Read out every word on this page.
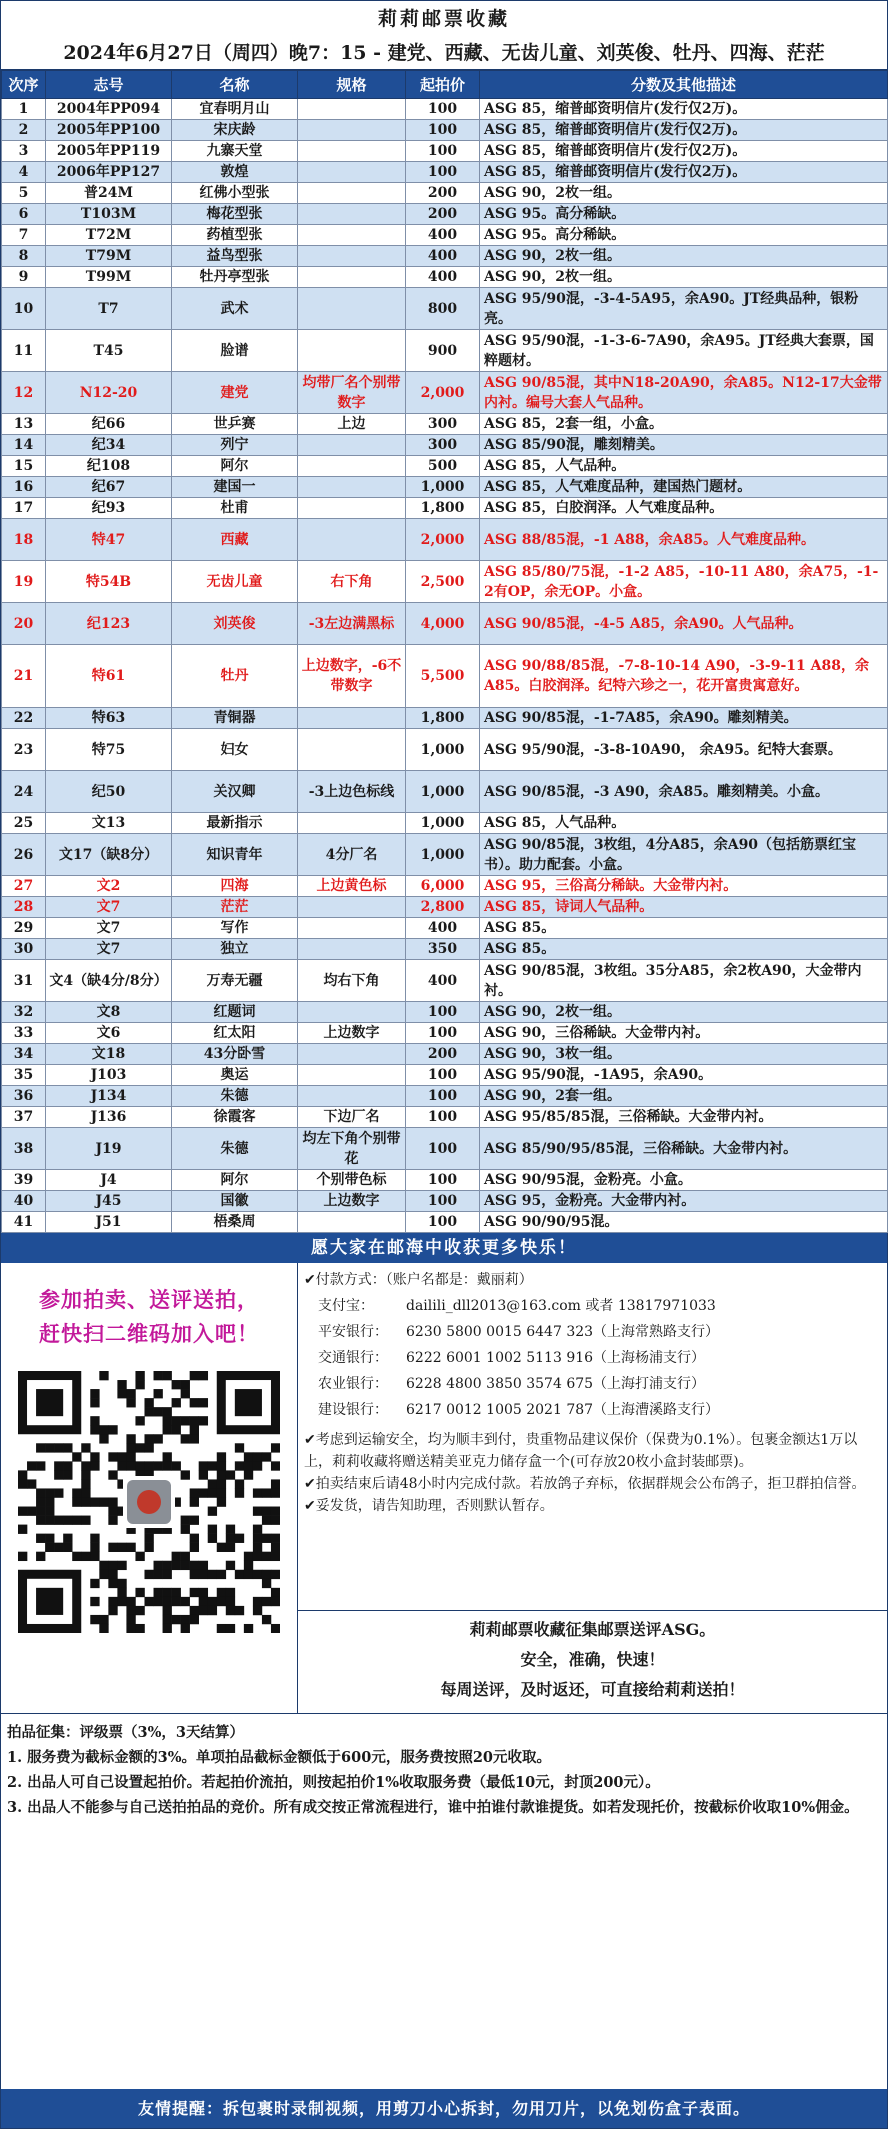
莉莉邮票收藏
2024年6月27日（周四）晚7：15 - 建党、西藏、无齿儿童、刘英俊、牡丹、四海、茫茫
次序	志号	名称	规格	起拍价	分数及其他描述
1	2004年PP094	宜春明月山		100	ASG 85，缩普邮资明信片(发行仅2万)。
2	2005年PP100	宋庆龄		100	ASG 85，缩普邮资明信片(发行仅2万)。
3	2005年PP119	九寨天堂		100	ASG 85，缩普邮资明信片(发行仅2万)。
4	2006年PP127	敦煌		100	ASG 85，缩普邮资明信片(发行仅2万)。
5	普24M	红佛小型张		200	ASG 90，2枚一组。
6	T103M	梅花型张		200	ASG 95。高分稀缺。
7	T72M	药植型张		400	ASG 95。高分稀缺。
8	T79M	益鸟型张		400	ASG 90，2枚一组。
9	T99M	牡丹亭型张		400	ASG 90，2枚一组。
10	T7	武术		800	ASG 95/90混，-3-4-5A95，余A90。JT经典品种，银粉亮。
11	T45	脸谱		900	ASG 95/90混，-1-3-6-7A90，余A95。JT经典大套票，国粹题材。
12	N12-20	建党	均带厂名个别带数字	2,000	ASG 90/85混，其中N18-20A90，余A85。N12-17大金带内衬。编号大套人气品种。
13	纪66	世乒赛	上边	300	ASG 85，2套一组，小盒。
14	纪34	列宁		300	ASG 85/90混，雕刻精美。
15	纪108	阿尔		500	ASG 85，人气品种。
16	纪67	建国一		1,000	ASG 85，人气难度品种，建国热门题材。
17	纪93	杜甫		1,800	ASG 85，白胶润泽。人气难度品种。
18	特47	西藏		2,000	ASG 88/85混，-1 A88，余A85。人气难度品种。
19	特54B	无齿儿童	右下角	2,500	ASG 85/80/75混，-1-2 A85，-10-11 A80，余A75，-1-2有OP，余无OP。小盒。
20	纪123	刘英俊	-3左边满黑标	4,000	ASG 90/85混，-4-5 A85，余A90。人气品种。
21	特61	牡丹	上边数字，-6不带数字	5,500	ASG 90/88/85混，-7-8-10-14 A90，-3-9-11 A88，余A85。白胶润泽。纪特六珍之一，花开富贵寓意好。
22	特63	青铜器		1,800	ASG 90/85混，-1-7A85，余A90。雕刻精美。
23	特75	妇女		1,000	ASG 95/90混，-3-8-10A90， 余A95。纪特大套票。
24	纪50	关汉卿	-3上边色标线	1,000	ASG 90/85混，-3 A90，余A85。雕刻精美。小盒。
25	文13	最新指示		1,000	ASG 85，人气品种。
26	文17（缺8分）	知识青年	4分厂名	1,000	ASG 90/85混，3枚组，4分A85，余A90（包括筋票红宝书）。助力配套。小盒。
27	文2	四海	上边黄色标	6,000	ASG 95，三俗高分稀缺。大金带内衬。
28	文7	茫茫		2,800	ASG 85，诗词人气品种。
29	文7	写作		400	ASG 85。
30	文7	独立		350	ASG 85。
31	文4（缺4分/8分）	万寿无疆	均右下角	400	ASG 90/85混，3枚组。35分A85，余2枚A90，大金带内衬。
32	文8	红题词		100	ASG 90，2枚一组。
33	文6	红太阳	上边数字	100	ASG 90，三俗稀缺。大金带内衬。
34	文18	43分卧雪		200	ASG 90，3枚一组。
35	J103	奥运		100	ASG 95/90混，-1A95，余A90。
36	J134	朱德		100	ASG 90，2套一组。
37	J136	徐霞客	下边厂名	100	ASG 95/85/85混，三俗稀缺。大金带内衬。
38	J19	朱德	均左下角个别带花	100	ASG 85/90/95/85混，三俗稀缺。大金带内衬。
39	J4	阿尔	个别带色标	100	ASG 90/95混，金粉亮。小盒。
40	J45	国徽	上边数字	100	ASG 95，金粉亮。大金带内衬。
41	J51	梧桑周		100	ASG 90/90/95混。
愿大家在邮海中收获更多快乐！
参加拍卖、送评送拍，
赶快扫二维码加入吧！
✔付款方式：（账户名都是：戴丽莉）
支付宝：	dailili_dll2013@163.com 或者 13817971033
平安银行：	6230 5800 0015 6447 323（上海常熟路支行）
交通银行：	6222 6001 1002 5113 916（上海杨浦支行）
农业银行：	6228 4800 3850 3574 675（上海打浦支行）
建设银行：	6217 0012 1005 2021 787（上海漕溪路支行）
✔考虑到运输安全，均为顺丰到付，贵重物品建议保价（保费为0.1%）。包裹金额达1万以上，莉莉收藏将赠送精美亚克力储存盒一个(可存放20枚小盒封装邮票)。
✔拍卖结束后请48小时内完成付款。若放鸽子弃标，依据群规会公布鸽子，拒卫群拍信誉。
✔妥发货，请告知助理，否则默认暂存。
莉莉邮票收藏征集邮票送评ASG。
安全，准确，快速！
每周送评，及时返还，可直接给莉莉送拍！
拍品征集：评级票（3%，3天结算）
1. 服务费为截标金额的3%。单项拍品截标金额低于600元，服务费按照20元收取。
2. 出品人可自己设置起拍价。若起拍价流拍，则按起拍价1%收取服务费（最低10元，封顶200元）。
3. 出品人不能参与自己送拍拍品的竞价。所有成交按正常流程进行，谁中拍谁付款谁提货。如若发现托价，按截标价收取10%佣金。
友情提醒：拆包裹时录制视频，用剪刀小心拆封，勿用刀片，以免划伤盒子表面。
